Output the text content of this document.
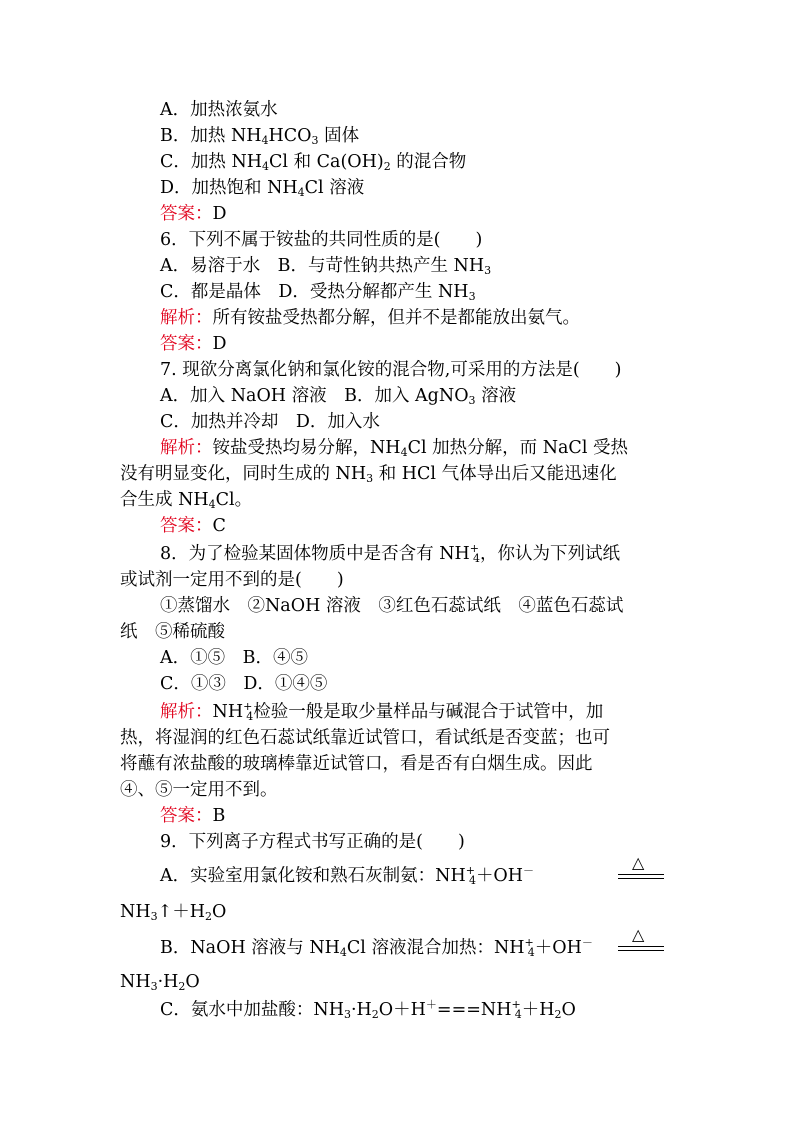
A．加热浓氨水
B．加热 $NH_4HCO_3$ 固体
C．加热 $NH_4Cl$ 和 $Ca(OH)_2$ 的混合物
D．加热饱和 $NH_4Cl$ 溶液
答案：D
6．下列不属于铵盐的共同性质的是(　　)
A．易溶于水　B．与苛性钠共热产生 $NH_3$
C．都是晶体　D．受热分解都产生 $NH_3$
解析：所有铵盐受热都分解，但并不是都能放出氨气。
答案：D
7. 现欲分离氯化钠和氯化铵的混合物,可采用的方法是(　　)
A．加入 NaOH 溶液　B．加入 AgNO$_3$ 溶液
C．加热并冷却　D．加入水
解析：铵盐受热均易分解，$NH_4Cl$ 加热分解，而 NaCl 受热
没有明显变化，同时生成的 $NH_3$ 和 HCl 气体导出后又能迅速化
合生成 $NH_4Cl$。
答案：C
8．为了检验某固体物质中是否含有 $NH^+_4$，你认为下列试纸
或试剂一定用不到的是(　　)
①蒸馏水　②NaOH 溶液　③红色石蕊试纸　④蓝色石蕊试
纸　⑤稀硫酸
A．①⑤　B．④⑤
C．①③　D．①④⑤
解析：$NH^+_4$检验一般是取少量样品与碱混合于试管中，加
热，将湿润的红色石蕊试纸靠近试管口，看试纸是否变蓝；也可
将蘸有浓盐酸的玻璃棒靠近试管口，看是否有白烟生成。因此
④、⑤一定用不到。
答案：B
9．下列离子方程式书写正确的是(　　)
A．实验室用氯化铵和熟石灰制氨：$NH^+_4+OH^-$	△
$NH_3↑+H_2O$
B．NaOH 溶液与 $NH_4Cl$ 溶液混合加热：$NH^+_4+OH^-$ △
$NH_3\cdot H_2O$
C．氨水中加盐酸：$NH_3\cdot H_2O+H^+===NH^+_4+H_2O$
